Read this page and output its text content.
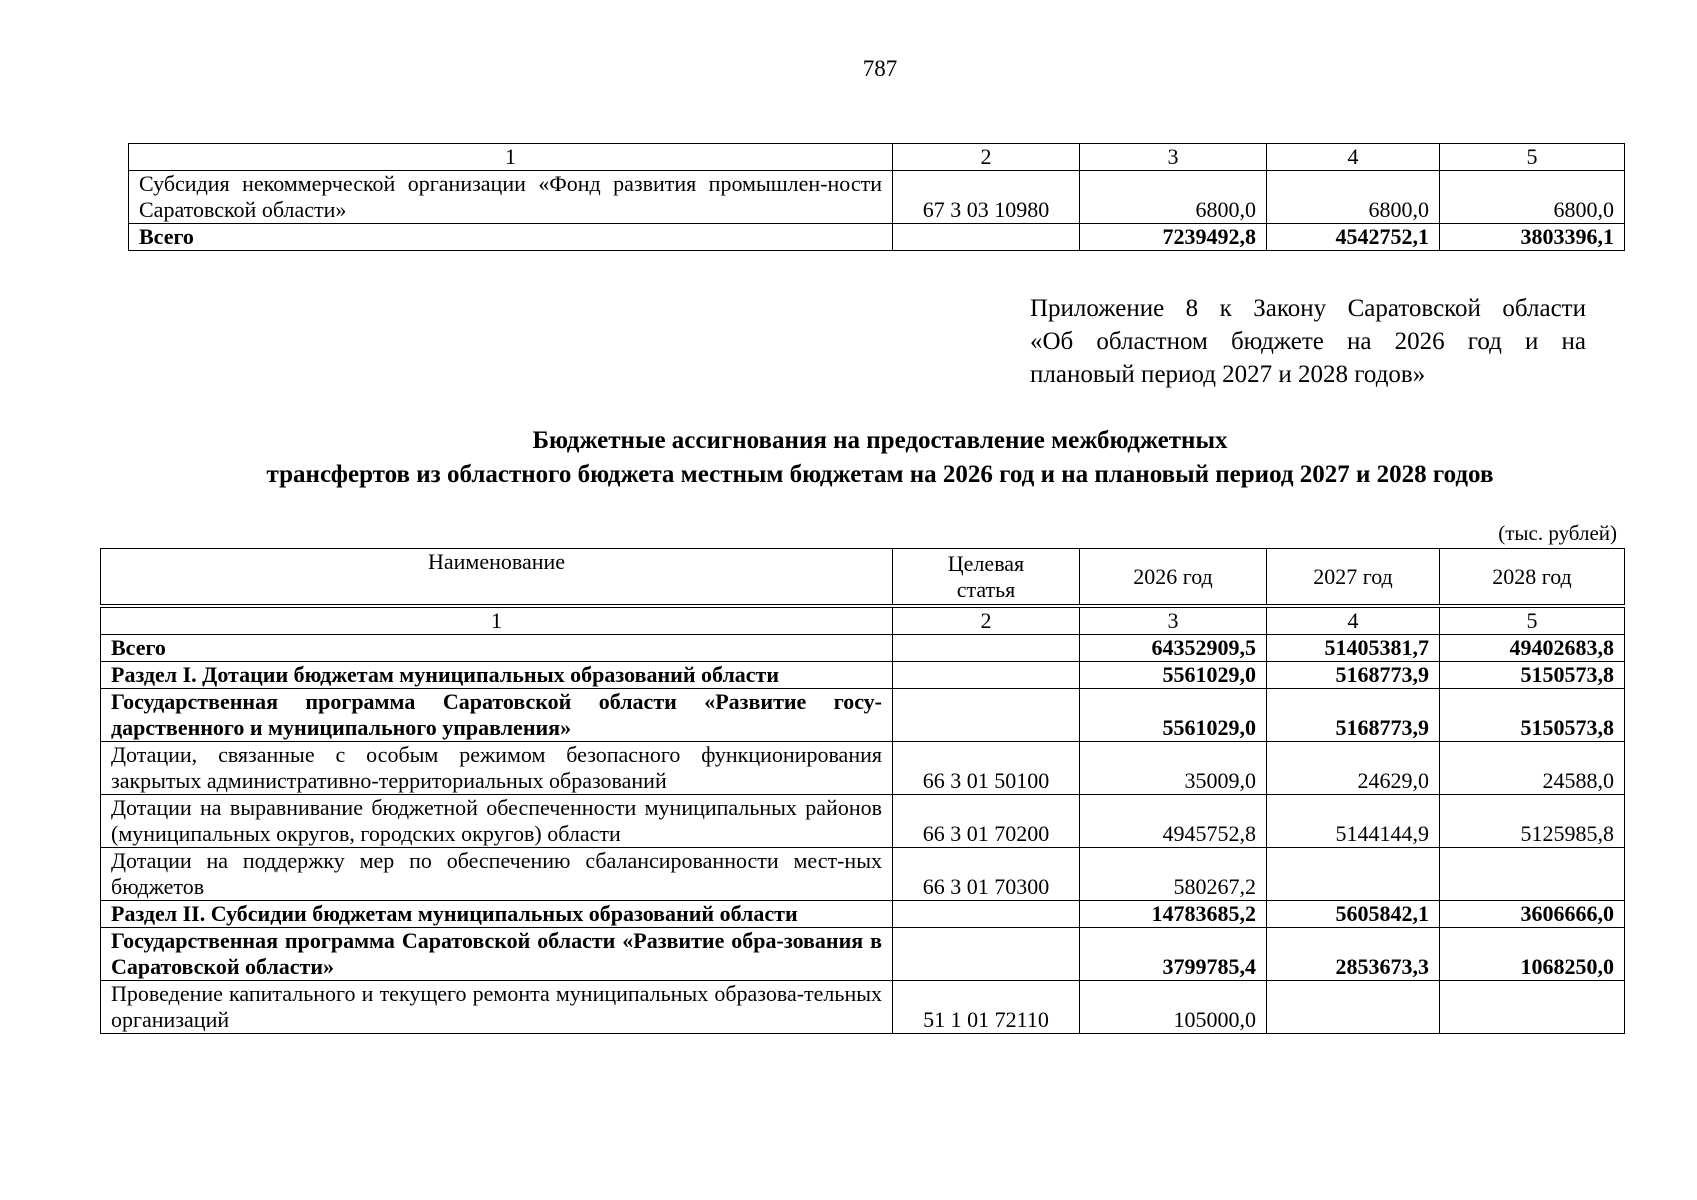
787
1	2	3	4	5
Субсидия некоммерческой организации «Фонд развития промышлен-ности Саратовской области»	67 3 03 10980	6800,0	6800,0	6800,0
Всего		7239492,8	4542752,1	3803396,1
Приложение 8 к Закону Саратовской области
«Об областном бюджете на 2026 год и на
плановый период 2027 и 2028 годов»
Бюджетные ассигнования на предоставление межбюджетных
трансфертов из областного бюджета местным бюджетам на 2026 год и на плановый период 2027 и 2028 годов
(тыс. рублей)
Наименование	Целевая статья	2026 год	2027 год	2028 год

1	2	3	4	5
Всего		64352909,5	51405381,7	49402683,8
Раздел I. Дотации бюджетам муниципальных образований области		5561029,0	5168773,9	5150573,8
Государственная программа Саратовской области «Развитие госу-дарственного и муниципального управления»		5561029,0	5168773,9	5150573,8
Дотации, связанные с особым режимом безопасного функционирования закрытых административно-территориальных образований	66 3 01 50100	35009,0	24629,0	24588,0
Дотации на выравнивание бюджетной обеспеченности муниципальных районов (муниципальных округов, городских округов) области	66 3 01 70200	4945752,8	5144144,9	5125985,8
Дотации на поддержку мер по обеспечению сбалансированности мест-ных бюджетов	66 3 01 70300	580267,2		
Раздел II. Субсидии бюджетам муниципальных образований области		14783685,2	5605842,1	3606666,0
Государственная программа Саратовской области «Развитие обра-зования в Саратовской области»		3799785,4	2853673,3	1068250,0
Проведение капитального и текущего ремонта муниципальных образова-тельных организаций	51 1 01 72110	105000,0		
